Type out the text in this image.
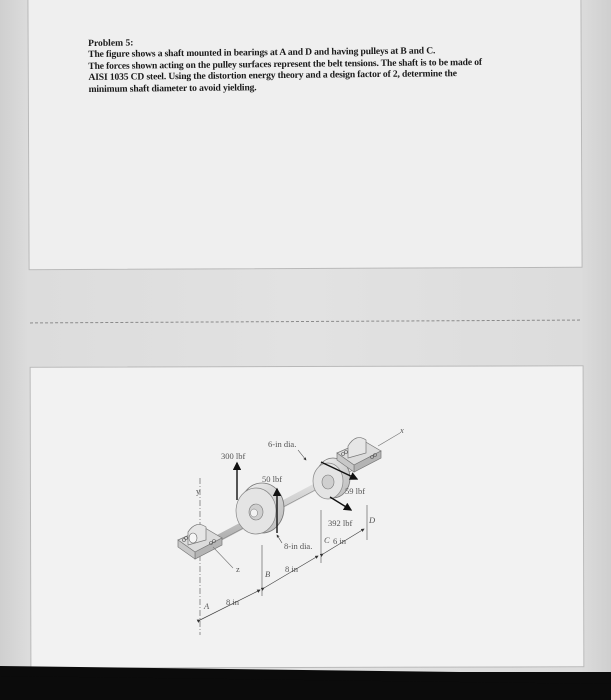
Problem 5:
The figure shows a shaft mounted in bearings at A and D and having pulleys at B and C.
The forces shown acting on the pulley surfaces represent the belt tensions. The shaft is to be made of
AISI 1035 CD steel. Using the distortion energy theory and a design factor of 2, determine the
minimum shaft diameter to avoid yielding.
y
z
x
300 lbf
50 lbf
59 lbf
392 lbf
6-in dia.
8-in dia.
8 in
8 in
6 in
A
B
C
D
